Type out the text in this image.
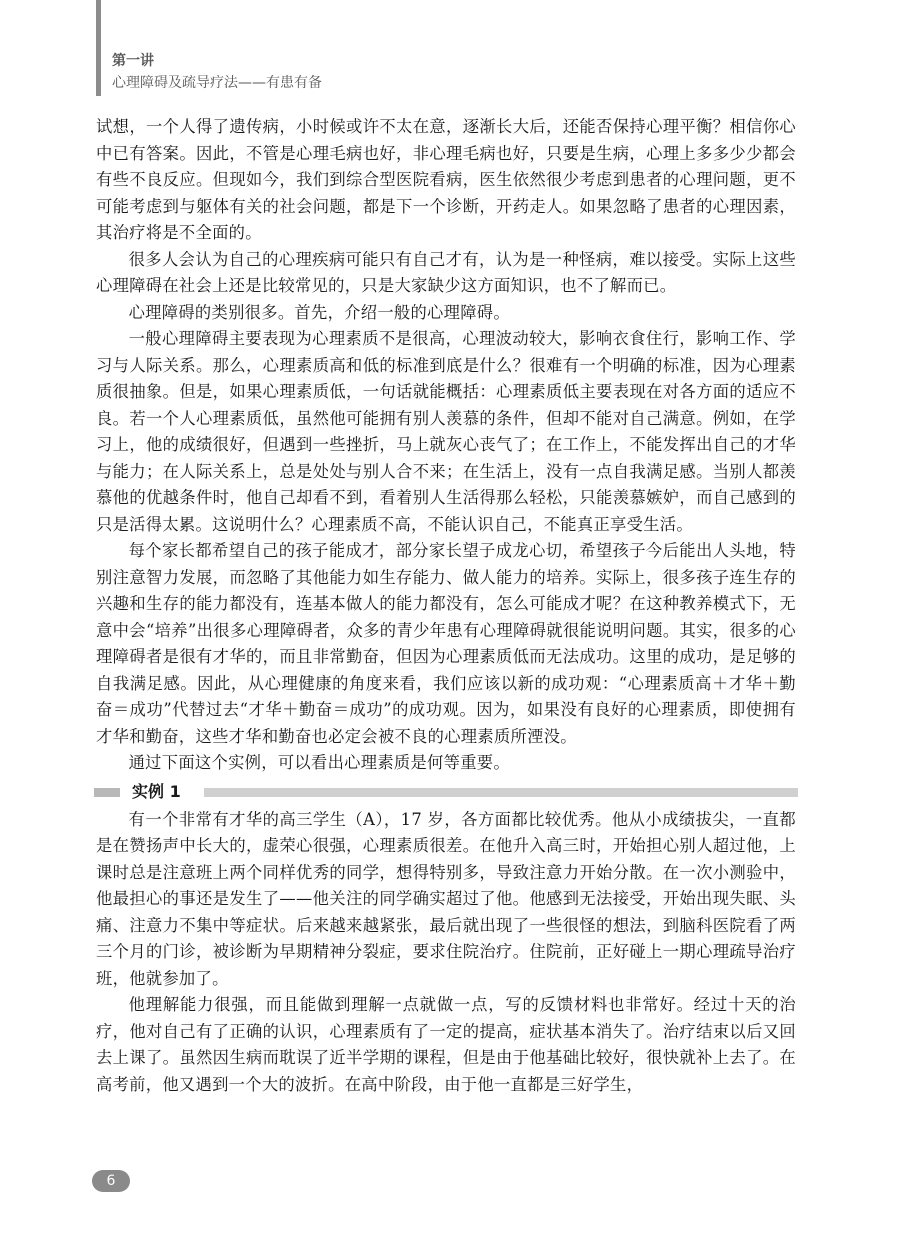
第一讲
心理障碍及疏导疗法——有患有备

试想，一个人得了遗传病，小时候或许不太在意，逐渐长大后，还能否保持心理平衡？相信你心中已有答案。因此，不管是心理毛病也好，非心理毛病也好，只要是生病，心理上多多少少都会有些不良反应。但现如今，我们到综合型医院看病，医生依然很少考虑到患者的心理问题，更不可能考虑到与躯体有关的社会问题，都是下一个诊断，开药走人。如果忽略了患者的心理因素，其治疗将是不全面的。

很多人会认为自己的心理疾病可能只有自己才有，认为是一种怪病，难以接受。实际上这些心理障碍在社会上还是比较常见的，只是大家缺少这方面知识，也不了解而已。

心理障碍的类别很多。首先，介绍一般的心理障碍。

一般心理障碍主要表现为心理素质不是很高，心理波动较大，影响衣食住行，影响工作、学习与人际关系。那么，心理素质高和低的标准到底是什么？很难有一个明确的标准，因为心理素质很抽象。但是，如果心理素质低，一句话就能概括：心理素质低主要表现在对各方面的适应不良。若一个人心理素质低，虽然他可能拥有别人羡慕的条件，但却不能对自己满意。例如，在学习上，他的成绩很好，但遇到一些挫折，马上就灰心丧气了；在工作上，不能发挥出自己的才华与能力；在人际关系上，总是处处与别人合不来；在生活上，没有一点自我满足感。当别人都羡慕他的优越条件时，他自己却看不到，看着别人生活得那么轻松，只能羡慕嫉妒，而自己感到的只是活得太累。这说明什么？心理素质不高，不能认识自己，不能真正享受生活。

每个家长都希望自己的孩子能成才，部分家长望子成龙心切，希望孩子今后能出人头地，特别注意智力发展，而忽略了其他能力如生存能力、做人能力的培养。实际上，很多孩子连生存的兴趣和生存的能力都没有，连基本做人的能力都没有，怎么可能成才呢？在这种教养模式下，无意中会“培养”出很多心理障碍者，众多的青少年患有心理障碍就很能说明问题。其实，很多的心理障碍者是很有才华的，而且非常勤奋，但因为心理素质低而无法成功。这里的成功，是足够的自我满足感。因此，从心理健康的角度来看，我们应该以新的成功观：“心理素质高＋才华＋勤奋＝成功”代替过去“才华＋勤奋＝成功”的成功观。因为，如果没有良好的心理素质，即使拥有才华和勤奋，这些才华和勤奋也必定会被不良的心理素质所湮没。

通过下面这个实例，可以看出心理素质是何等重要。

实例 1

有一个非常有才华的高三学生（A），17 岁，各方面都比较优秀。他从小成绩拔尖，一直都是在赞扬声中长大的，虚荣心很强，心理素质很差。在他升入高三时，开始担心别人超过他，上课时总是注意班上两个同样优秀的同学，想得特别多，导致注意力开始分散。在一次小测验中，他最担心的事还是发生了——他关注的同学确实超过了他。他感到无法接受，开始出现失眠、头痛、注意力不集中等症状。后来越来越紧张，最后就出现了一些很怪的想法，到脑科医院看了两三个月的门诊，被诊断为早期精神分裂症，要求住院治疗。住院前，正好碰上一期心理疏导治疗班，他就参加了。

他理解能力很强，而且能做到理解一点就做一点，写的反馈材料也非常好。经过十天的治疗，他对自己有了正确的认识，心理素质有了一定的提高，症状基本消失了。治疗结束以后又回去上课了。虽然因生病而耽误了近半学期的课程，但是由于他基础比较好，很快就补上去了。在高考前，他又遇到一个大的波折。在高中阶段，由于他一直都是三好学生，

6
